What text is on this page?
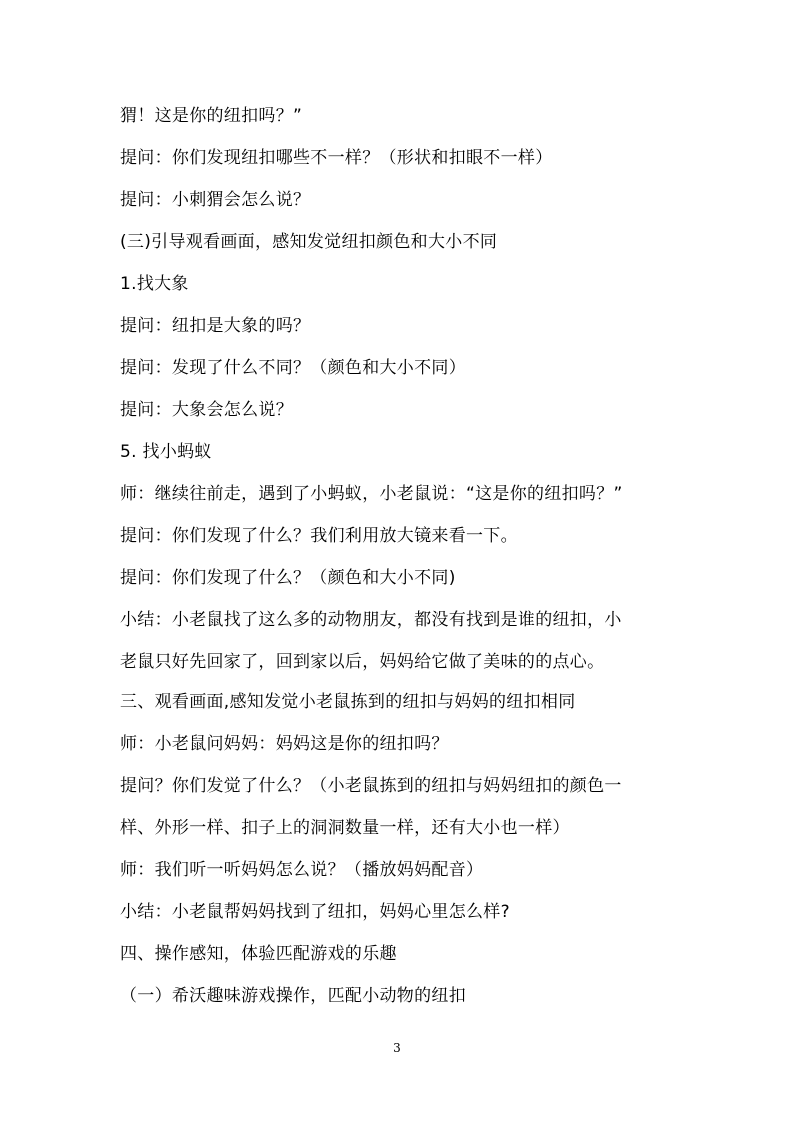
猬！这是你的纽扣吗？”
提问：你们发现纽扣哪些不一样？（形状和扣眼不一样）
提问：小刺猬会怎么说？
(三)引导观看画面，感知发觉纽扣颜色和大小不同
1.找大象
提问：纽扣是大象的吗？
提问：发现了什么不同？（颜色和大小不同）
提问：大象会怎么说？
5. 找小蚂蚁
师：继续往前走，遇到了小蚂蚁，小老鼠说：“这是你的纽扣吗？”
提问：你们发现了什么？我们利用放大镜来看一下。
提问：你们发现了什么？（颜色和大小不同)
小结：小老鼠找了这么多的动物朋友，都没有找到是谁的纽扣，小
老鼠只好先回家了，回到家以后，妈妈给它做了美味的的点心。
三、观看画面,感知发觉小老鼠拣到的纽扣与妈妈的纽扣相同
师：小老鼠问妈妈：妈妈这是你的纽扣吗？
提问？你们发觉了什么？（小老鼠拣到的纽扣与妈妈纽扣的颜色一
样、外形一样、扣子上的洞洞数量一样，还有大小也一样）
师：我们听一听妈妈怎么说？（播放妈妈配音）
小结：小老鼠帮妈妈找到了纽扣，妈妈心里怎么样?
四、操作感知，体验匹配游戏的乐趣
（一）希沃趣味游戏操作，匹配小动物的纽扣
3
